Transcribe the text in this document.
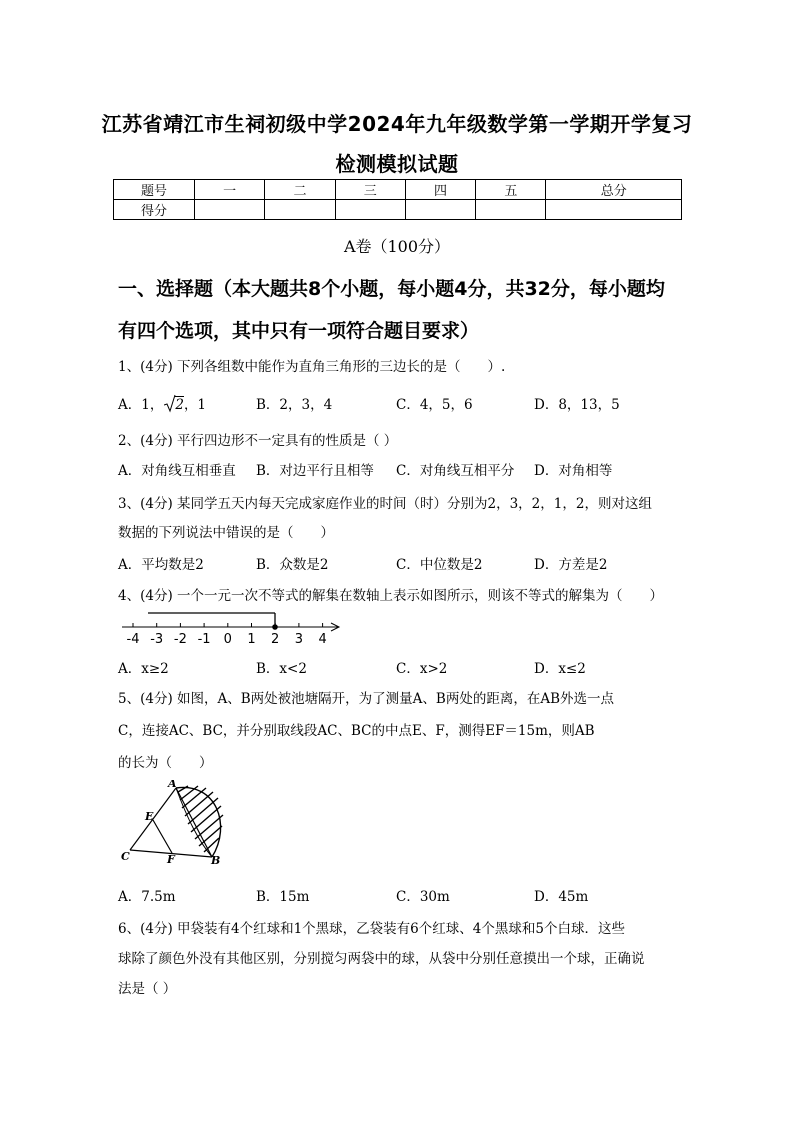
江苏省靖江市生祠初级中学2024年九年级数学第一学期开学复习
检测模拟试题
题号	一	二	三	四	五	总分
得分						
A卷（100分）
一、选择题（本大题共8个小题，每小题4分，共32分，每小题均
有四个选项，其中只有一项符合题目要求）
1、(4分) 下列各组数中能作为直角三角形的三边长的是（　　）.
A．1， 2，1	B．2，3，4	C．4，5，6	D．8，13，5
2、(4分) 平行四边形不一定具有的性质是（ ）
A．对角线互相垂直 B．对边平行且相等 C．对角线互相平分 D．对角相等
3、(4分) 某同学五天内每天完成家庭作业的时间（时）分别为2，3，2，1，2，则对这组
数据的下列说法中错误的是（　　）
A．平均数是2	B．众数是2	C．中位数是2	D．方差是2
4、(4分) 一个一元一次不等式的解集在数轴上表示如图所示，则该不等式的解集为（　　）
-4 -3 -2 -1 0 1 2 3 4
A．x≥2	B．x<2	C．x>2	D．x≤2
5、(4分) 如图，A、B两处被池塘隔开，为了测量A、B两处的距离，在AB外选一点
C，连接AC、BC，并分别取线段AC、BC的中点E、F，测得EF＝15m，则AB
的长为（　　）
A
E
C	F	B
A．7.5m	B．15m	C．30m	D．45m
6、(4分) 甲袋装有4个红球和1个黑球，乙袋装有6个红球、4个黑球和5个白球．这些
球除了颜色外没有其他区别，分别搅匀两袋中的球，从袋中分别任意摸出一个球，正确说
法是（ ）
